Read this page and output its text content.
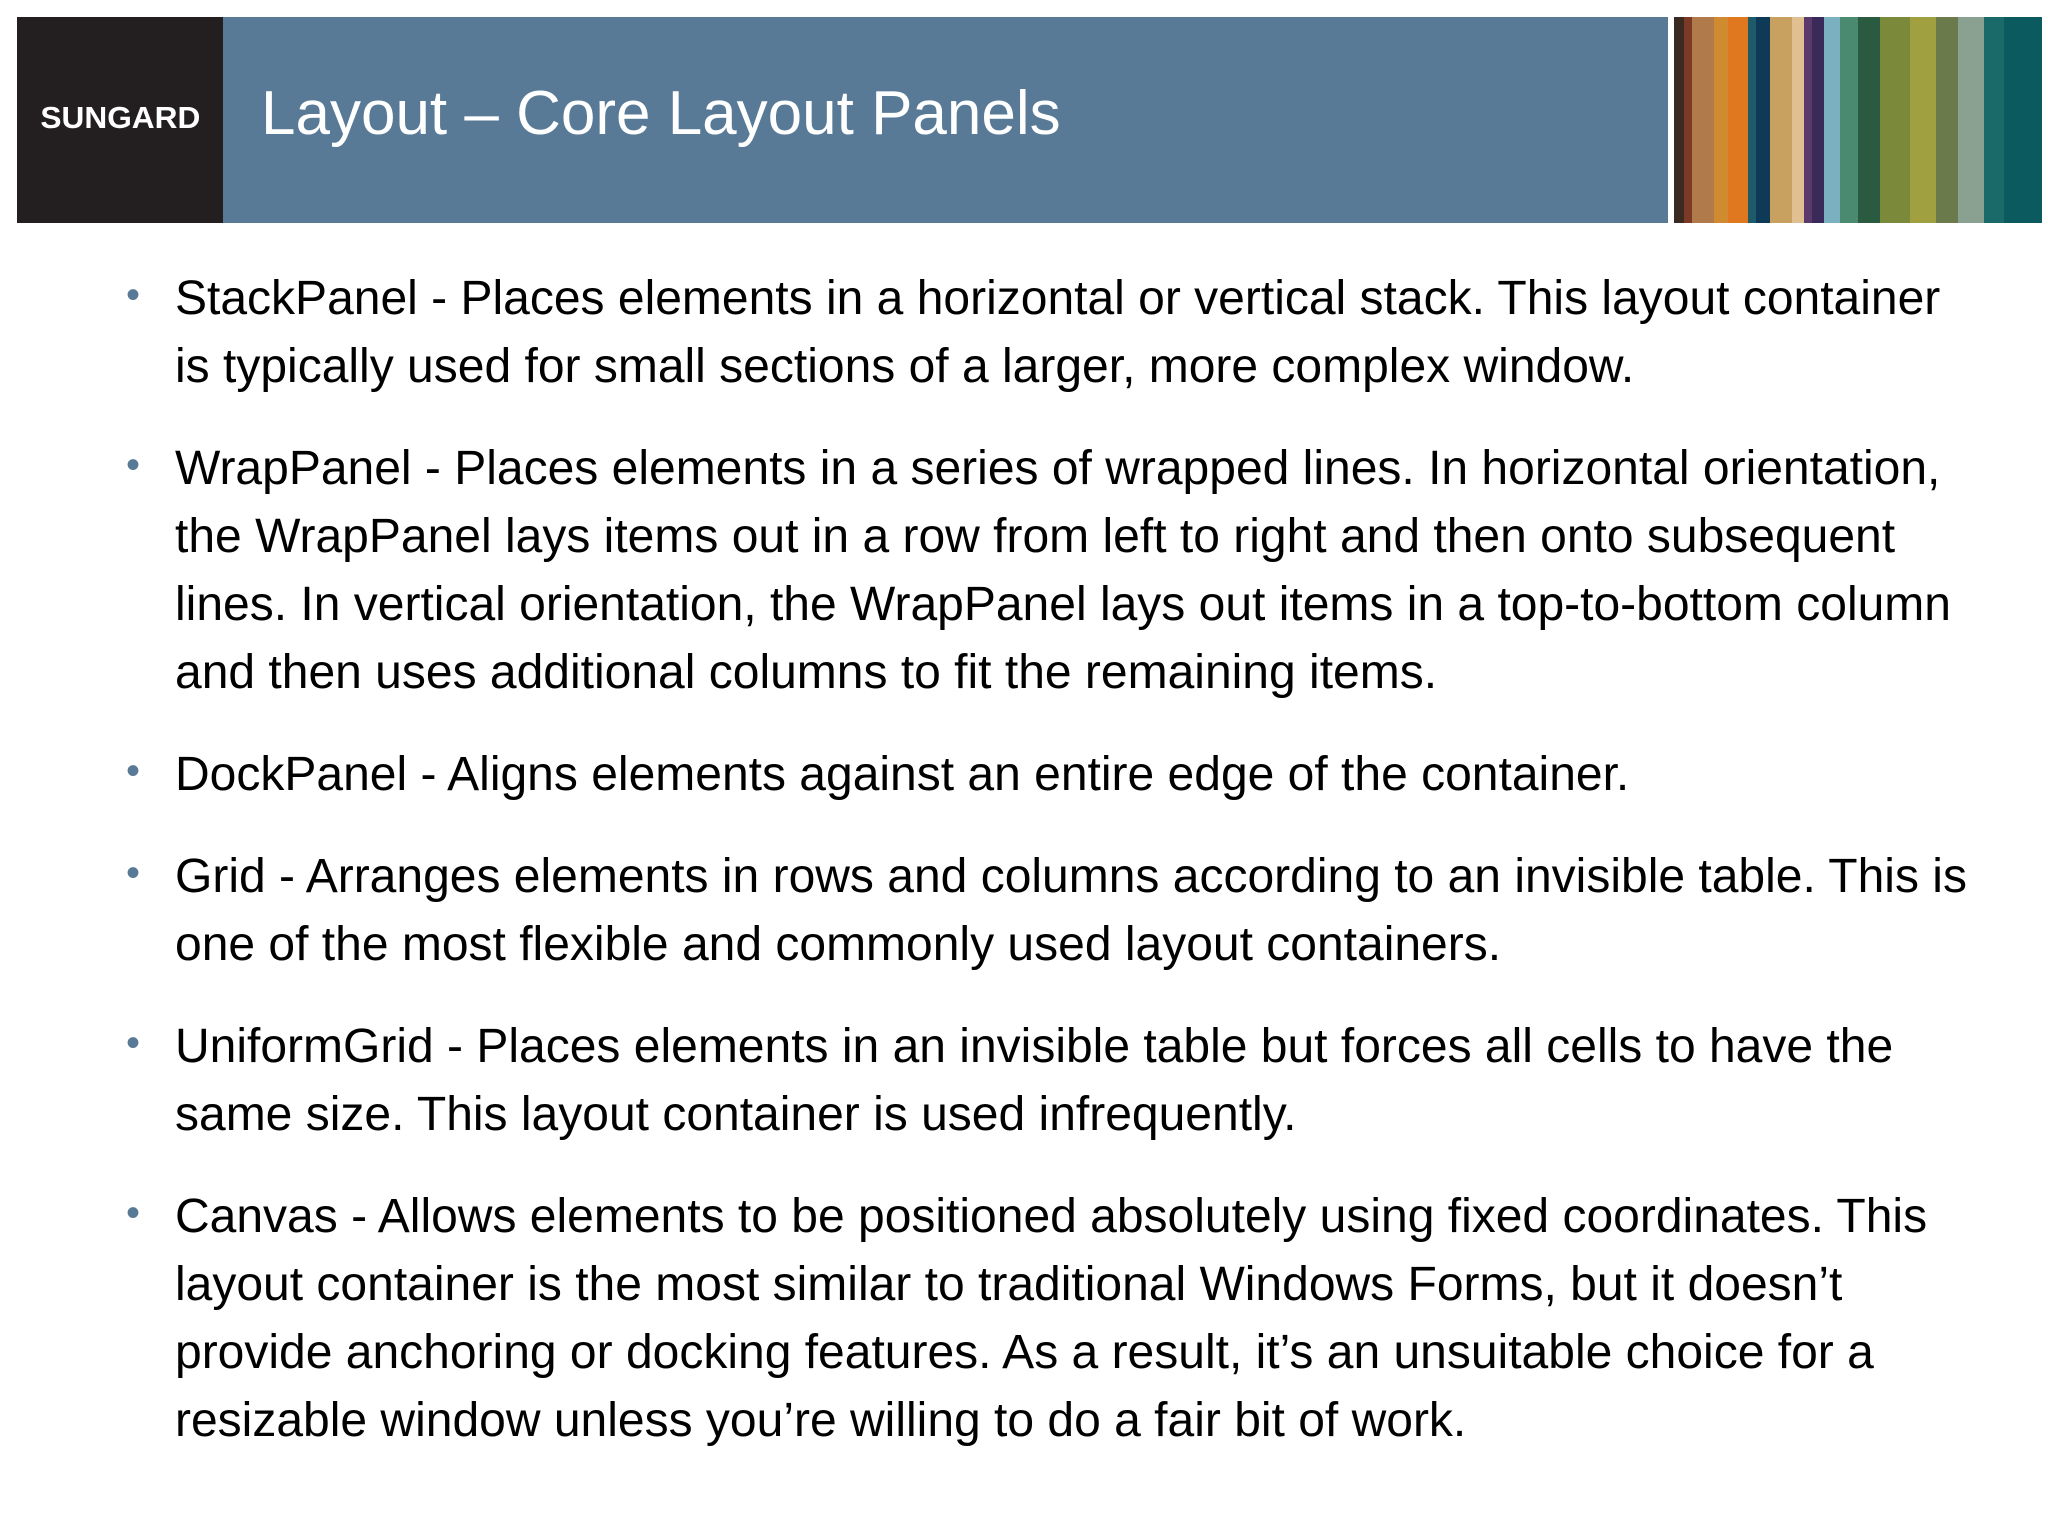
SUNGARD Layout – Core Layout Panels
• StackPanel - Places elements in a horizontal or vertical stack. This layout container is typically used for small sections of a larger, more complex window.
• WrapPanel - Places elements in a series of wrapped lines. In horizontal orientation, the WrapPanel lays items out in a row from left to right and then onto subsequent lines. In vertical orientation, the WrapPanel lays out items in a top-to-bottom column and then uses additional columns to fit the remaining items.
• DockPanel - Aligns elements against an entire edge of the container.
• Grid - Arranges elements in rows and columns according to an invisible table. This is one of the most flexible and commonly used layout containers.
• UniformGrid - Places elements in an invisible table but forces all cells to have the same size. This layout container is used infrequently.
• Canvas - Allows elements to be positioned absolutely using fixed coordinates. This layout container is the most similar to traditional Windows Forms, but it doesn’t provide anchoring or docking features. As a result, it’s an unsuitable choice for a resizable window unless you’re willing to do a fair bit of work.
